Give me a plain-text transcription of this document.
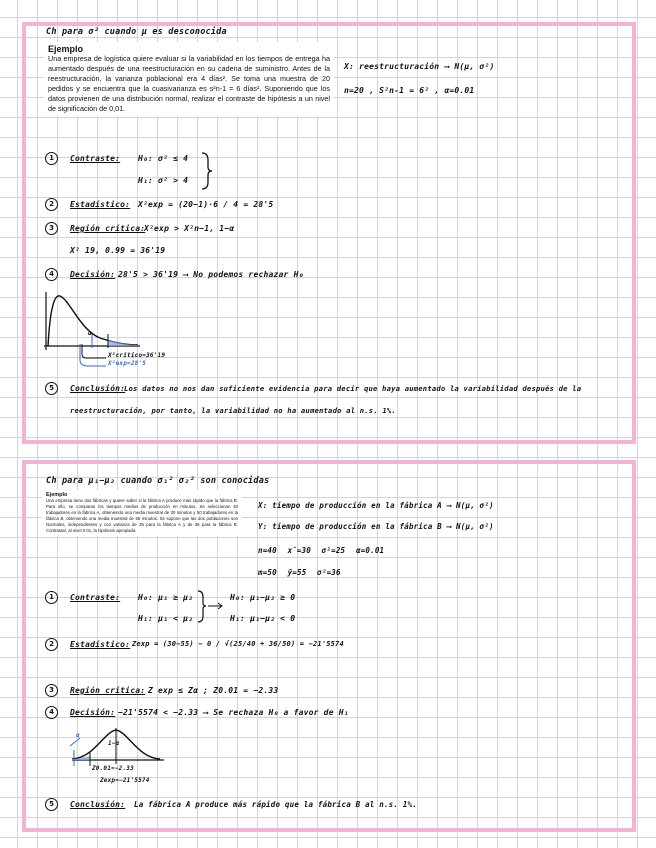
Ch para σ² cuando μ es desconocida
Ejemplo
Una empresa de logística quiere evaluar si la variabilidad en los tiempos de entrega ha aumentado después de una reestructuración en su cadena de suministro. Antes de la reestructuración, la varianza poblacional era 4 días². Se toma una muestra de 20 pedidos y se encuentra que la cuasivarianza es s²n-1 = 6 días². Suponiendo que los datos provienen de una distribución normal, realizar el contraste de hipótesis a un nivel de significación de 0,01.
X: reestructuración ⟶ N(μ, σ²)
n=20 , S²n-1 = 6² , α=0.01
1	Contraste: H₀: σ² ≤ 4
H₁: σ² > 4
2	Estadístico: X²exp = (20−1)·6 / 4 = 28'5
3	Región crítica:
X²exp > X²n−1, 1−α
X² 19, 0.99 = 36'19
4	Decisión: 28'5 ≯ 36'19 ⟶ No podemos rechazar H₀
α
X²crítico=36'19
X²exp=28'5
5	Conclusión:
Los datos no nos dan suficiente evidencia para decir que haya aumentado la variabilidad después de la
reestructuración, por tanto, la variabilidad no ha aumentado al n.s. 1%.
Ch para μ₁−μ₂ cuando σ₁² σ₂² son conocidas
Ejemplo
Una empresa tiene dos fábricas y quiere saber si la fábrica A produce más rápido que la fábrica B. Para ello, se comparan los tiempos medios de producción en minutos. Se seleccionan 40 trabajadores en la fábrica A, obteniendo una media muestral de 30 minutos y 50 trabajadores en la fábrica B, obteniendo una media muestral de 55 minutos. Se supone que las dos poblaciones son Normales, independientes y con varianza de 25 para la fábrica A y de 36 para la fábrica B. Contrastar, al nivel 0.01, la hipótesis apropiada.
X: tiempo de producción en la fábrica A ⟶ N(μ, σ²)
Y: tiempo de producción en la fábrica B ⟶ N(μ, σ²)
n=40 x̄=30 σ²=25 α=0.01
m=50 ȳ=55 σ²=36
1	Contraste: H₀: μ₁ ≥ μ₂
H₁: μ₁ < μ₂
H₀: μ₁−μ₂ ≥ 0
H₁: μ₁−μ₂ < 0
2	Estadístico: Zexp = (30−55) − 0 / √(25/40 + 36/50) = −21'5574
3	Región crítica: Z exp ≤ Zα ; Z0.01 = −2.33
4	Decisión: −21'5574 < −2.33 ⟶ Se rechaza H₀ a favor de H₁
α
1−α
Z0.01=−2.33
Zexp=−21'5574
5	Conclusión: La fábrica A produce más rápido que la fábrica B al n.s. 1%.
